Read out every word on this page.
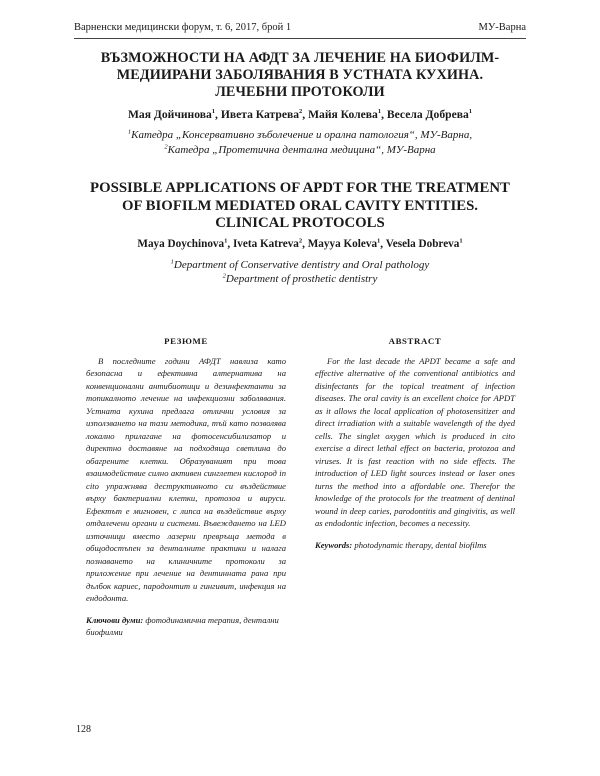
Варненски медицински форум, т. 6, 2017, брой 1	МУ-Варна
ВЪЗМОЖНОСТИ НА АФДТ ЗА ЛЕЧЕНИЕ НА БИОФИЛМ-
МЕДИИРАНИ ЗАБОЛЯВАНИЯ В УСТНАТА КУХИНА.
ЛЕЧЕБНИ ПРОТОКОЛИ
Мая Дойчинова$^1$, Ивета Катрева$^2$, Майя Колева$^1$, Весела Добрева$^1$
$^1$Катедра „Консервативно зъболечение и орална патология“, МУ-Варна,
$^2$Катедра „Протетична дентална медицина“, МУ-Варна
POSSIBLE APPLICATIONS OF APDT FOR THE TREATMENT
OF BIOFILM MEDIATED ORAL CAVITY ENTITIES.
CLINICAL PROTOCOLS
Maya Doychinova$^1$, Iveta Katreva$^2$, Mayya Koleva$^1$, Vesela Dobreva$^1$
$^1$Department of Conservative dentistry and Oral pathology
$^2$Department of prosthetic dentistry
РЕЗЮМЕ

В последните години АФДТ навлиза като безопасна и ефективна алтернатива на конвенционални антибиотици и дезинфектанти за топикалното лечение на инфекциозни заболявания. Устната кухина предлага отлични условия за използването на тази методика, тъй като позволява локално прилагане на фотосенсибилизатор и директно доставяне на подходяща светлина до обагрените клетки. Образуваният при това взаимодействие силно активен синглетен кислород in cito упражнява деструктивното си въздействие върху бактериални клетки, протозоа и вируси. Ефектът е мигновен, с липса на въздействие върху отдалечени органи и системи. Въвеждането на LED източници вместо лазерни превръща метода в общодостъпен за денталните практики и налага познаването на клиничните протоколи за приложение при лечение на дентинната рана при дълбок кариес, пародонтит и гингивит, инфекция на ендодонта.

Ключови думи: фотодинамична терапия, дентални биофилми
ABSTRACT

For the last decade the APDT became a safe and effective alternative of the conventional antibiotics and disinfectants for the topical treatment of infection diseases. The oral cavity is an excellent choice for APDT as it allows the local application of photosensitizer and direct irradiation with a suitable wavelength of the dyed cells. The singlet oxygen which is produced in cito exercise a direct lethal effect on bacteria, protozoa and viruses. It is fast reaction with no side effects. The introduction of LED light sources instead or laser ones turns the method into a affordable one. Therefor the knowledge of the protocols for the treatment of dentinal wound in deep caries, parodontitis and gingivitis, as well as endodontic infection, becomes a necessity.

Keywords: photodynamic therapy, dental biofilms
128
